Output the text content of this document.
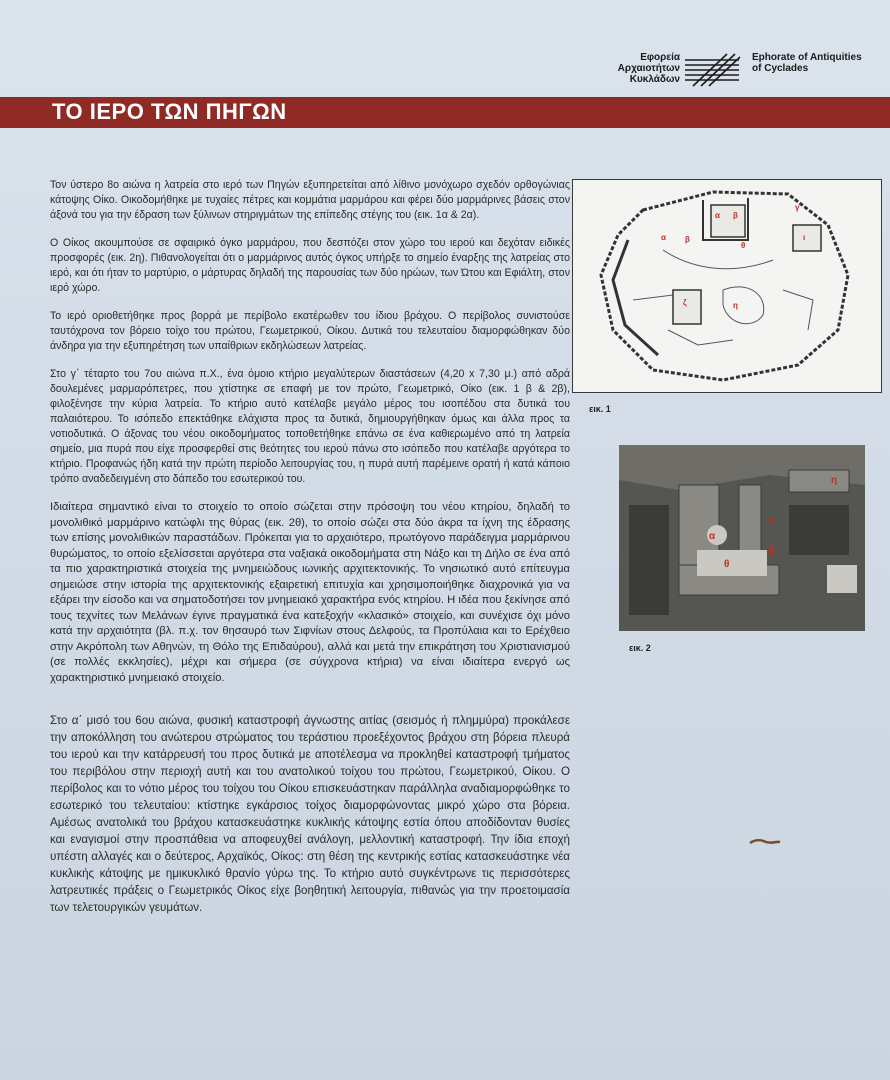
Εφορεία Αρχαιοτήτων Κυκλάδων
Ephorate of Antiquities of Cyclades
ΤΟ ΙΕΡΟ ΤΩΝ ΠΗΓΩΝ

Τον ύστερο 8ο αιώνα η λατρεία στο ιερό των Πηγών εξυπηρετείται από λίθινο μονόχωρο σχεδόν ορθογώνιας κάτοψης Οίκο. Οικοδομήθηκε με τυχαίες πέτρες και κομμάτια μαρμάρου και φέρει δύο μαρμάρινες βάσεις στον άξονά του για την έδραση των ξύλινων στηριγμάτων της επίπεδης στέγης του (εικ. 1α & 2α).

Ο Οίκος ακουμπούσε σε σφαιρικό όγκο μαρμάρου, που δεσπόζει στον χώρο του ιερού και δεχόταν ειδικές προσφορές (εικ. 2η). Πιθανολογείται ότι ο μαρμάρινος αυτός όγκος υπήρξε το σημείο έναρξης της λατρείας στο ιερό, και ότι ήταν το μαρτύριο, ο μάρτυρας δηλαδή της παρουσίας των δύο ηρώων, των Ώτου και Εφιάλτη, στον ιερό χώρο.

Το ιερό οριοθετήθηκε προς βορρά με περίβολο εκατέρωθεν του ίδιου βράχου. Ο περίβολος συνιστούσε ταυτόχρονα τον βόρειο τοίχο του πρώτου, Γεωμετρικού, Οίκου. Δυτικά του τελευταίου διαμορφώθηκαν δύο άνδηρα για την εξυπηρέτηση των υπαίθριων εκδηλώσεων λατρείας.

Στο γ΄ τέταρτο του 7ου αιώνα π.Χ., ένα όμοιο κτήριο μεγαλύτερων διαστάσεων (4,20 x 7,30 μ.) από αδρά δουλεμένες μαρμαρόπετρες, που χτίστηκε σε επαφή με τον πρώτο, Γεωμετρικό, Οίκο (εικ. 1 β & 2β), φιλοξένησε την κύρια λατρεία. Το κτήριο αυτό κατέλαβε μεγάλο μέρος του ισοπέδου στα δυτικά του παλαιότερου. Το ισόπεδο επεκτάθηκε ελάχιστα προς τα δυτικά, δημιουργήθηκαν όμως και άλλα προς τα νοτιοδυτικά. Ο άξονας του νέου οικοδομήματος τοποθετήθηκε επάνω σε ένα καθιερωμένο από τη λατρεία σημείο, μια πυρά που είχε προσφερθεί στις θεότητες του ιερού πάνω στο ισόπεδο που κατέλαβε αργότερα το κτήριο. Προφανώς ήδη κατά την πρώτη περίοδο λειτουργίας του, η πυρά αυτή παρέμεινε ορατή ή κατά κάποιο τρόπο αναδεδειγμένη στο δάπεδο του εσωτερικού του.

Ιδιαίτερα σημαντικό είναι το στοιχείο το οποίο σώζεται στην πρόσοψη του νέου κτηρίου, δηλαδή το μονολιθικό μαρμάρινο κατώφλι της θύρας (εικ. 2θ), το οποίο σώζει στα δύο άκρα τα ίχνη της έδρασης των επίσης μονολιθικών παραστάδων. Πρόκειται για το αρχαιότερο, πρωτόγονο παράδειγμα μαρμάρινου θυρώματος, το οποίο εξελίσσεται αργότερα στα ναξιακά οικοδομήματα στη Νάξο και τη Δήλο σε ένα από τα πιο χαρακτηριστικά στοιχεία της μνημειώδους ιωνικής αρχιτεκτονικής. Το νησιωτικό αυτό επίτευγμα σημειώσε στην ιστορία της αρχιτεκτονικής εξαιρετική επιτυχία και χρησιμοποιήθηκε διαχρονικά για να εξάρει την είσοδο και να σηματοδοτήσει τον μνημειακό χαρακτήρα ενός κτηρίου. Η ιδέα που ξεκίνησε από τους τεχνίτες των Μελάνων έγινε πραγματικά ένα κατεξοχήν «κλασικό» στοιχείο, και συνέχισε όχι μόνο κατά την αρχαιότητα (βλ. π.χ. τον θησαυρό των Σιφνίων στους Δελφούς, τα Προπύλαια και το Ερέχθειο στην Ακρόπολη των Αθηνών, τη Θόλο της Επιδαύρου), αλλά και μετά την επικράτηση του Χριστιανισμού (σε πολλές εκκλησίες), μέχρι και σήμερα (σε σύγχρονα κτήρια) να είναι ιδιαίτερα ενεργό ως χαρακτηριστικό μνημειακό στοιχείο.

Στο α΄ μισό του 6ου αιώνα, φυσική καταστροφή άγνωστης αιτίας (σεισμός ή πλημμύρα) προκάλεσε την αποκόλληση του ανώτερου στρώματος του τεράστιου προεξέχοντος βράχου στη βόρεια πλευρά του ιερού και την κατάρρευσή του προς δυτικά με αποτέλεσμα να προκληθεί καταστροφή τμήματος του περιβόλου στην περιοχή αυτή και του ανατολικού τοίχου του πρώτου, Γεωμετρικού, Οίκου. Ο περίβολος και το νότιο μέρος του τοίχου του Οίκου επισκευάστηκαν παράλληλα αναδιαμορφώθηκε το εσωτερικό του τελευταίου: κτίστηκε εγκάρσιος τοίχος διαμορφώνοντας μικρό χώρο στα βόρεια. Αμέσως ανατολικά του βράχου κατασκευάστηκε κυκλικής κάτοψης εστία όπου αποδίδονταν θυσίες και εναγισμοί στην προσπάθεια να αποφευχθεί ανάλογη, μελλοντική καταστροφή. Την ίδια εποχή υπέστη αλλαγές και ο δεύτερος, Αρχαϊκός, Οίκος: στη θέση της κεντρικής εστίας κατασκευάστηκε νέα κυκλικής κάτοψης με ημικυκλικό θρανίο γύρω της. Το κτήριο αυτό συγκέντρωνε τις περισσότερες λατρευτικές πράξεις ο Γεωμετρικός Οίκος είχε βοηθητική λειτουργία, πιθανώς για την προετοιμασία των τελετουργικών γευμάτων.

α β
θ
α β
γ
ζ	η
ι
εικ. 1
θ
α
ε
η
β
εικ. 2
